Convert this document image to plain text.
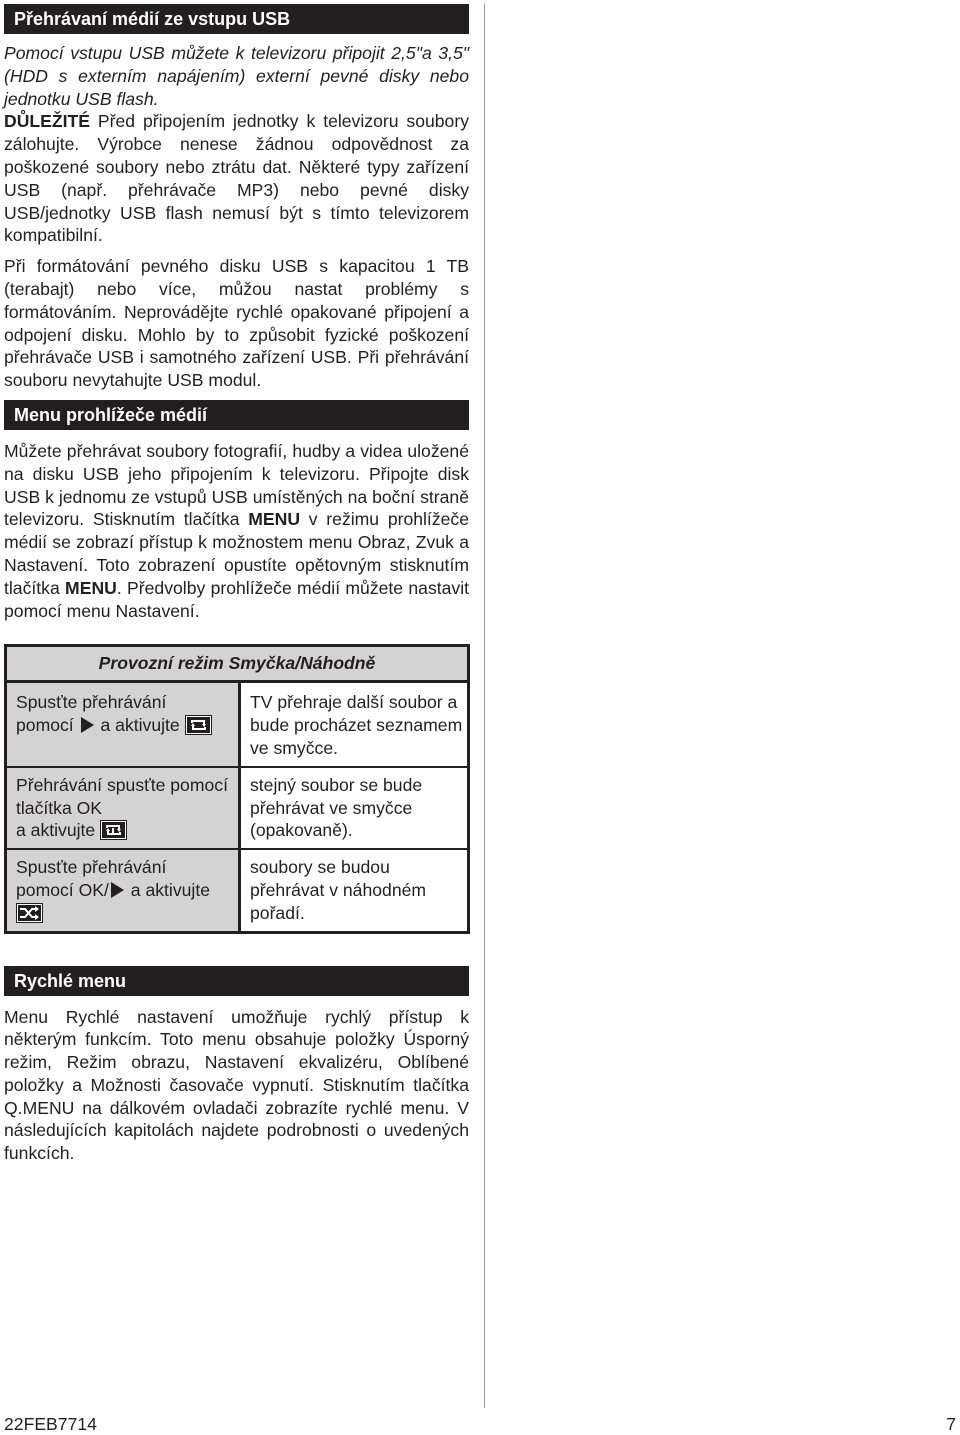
Přehrávaní médií ze vstupu USB

Pomocí vstupu USB můžete k televizoru připojit 2,5"a 3,5" (HDD s externím napájením) externí pevné disky nebo jednotku USB flash.

DŮLEŽITÉ Před připojením jednotky k televizoru soubory zálohujte. Výrobce nenese žádnou odpovědnost za poškozené soubory nebo ztrátu dat. Některé typy zařízení USB (např. přehrávače MP3) nebo pevné disky USB/jednotky USB flash nemusí být s tímto televizorem kompatibilní.

Při formátování pevného disku USB s kapacitou 1 TB (terabajt) nebo více, můžou nastat problémy s formátováním. Neprovádějte rychlé opakované připojení a odpojení disku. Mohlo by to způsobit fyzické poškození přehrávače USB i samotného zařízení USB. Při přehrávání souboru nevytahujte USB modul.

Menu prohlížeče médií

Můžete přehrávat soubory fotografií, hudby a videa uložené na disku USB jeho připojením k televizoru. Připojte disk USB k jednomu ze vstupů USB umístěných na boční straně televizoru. Stisknutím tlačítka MENU v režimu prohlížeče médií se zobrazí přístup k možnostem menu Obraz, Zvuk a Nastavení. Toto zobrazení opustíte opětovným stisknutím tlačítka MENU. Předvolby prohlížeče médií můžete nastavit pomocí menu Nastavení.

Provozní režim Smyčka/Náhodně	
Spusťte přehrávání
pomocí  a aktivujte	TV přehraje další soubor a bude procházet seznamem ve smyčce.
Přehrávání spusťte pomocí tlačítka OK
a aktivujte	stejný soubor se bude přehrávat ve smyčce (opakovaně).
Spusťte přehrávání
pomocí OK/ a aktivujte	soubory se budou přehrávat v náhodném pořadí.
Rychlé menu

Menu Rychlé nastavení umožňuje rychlý přístup k některým funkcím. Toto menu obsahuje položky Úsporný režim, Režim obrazu, Nastavení ekvalizéru, Oblíbené položky a Možnosti časovače vypnutí. Stisknutím tlačítka Q.MENU na dálkovém ovladači zobrazíte rychlé menu. V následujících kapitolách najdete podrobnosti o uvedených funkcích.

22FEB7714	7
